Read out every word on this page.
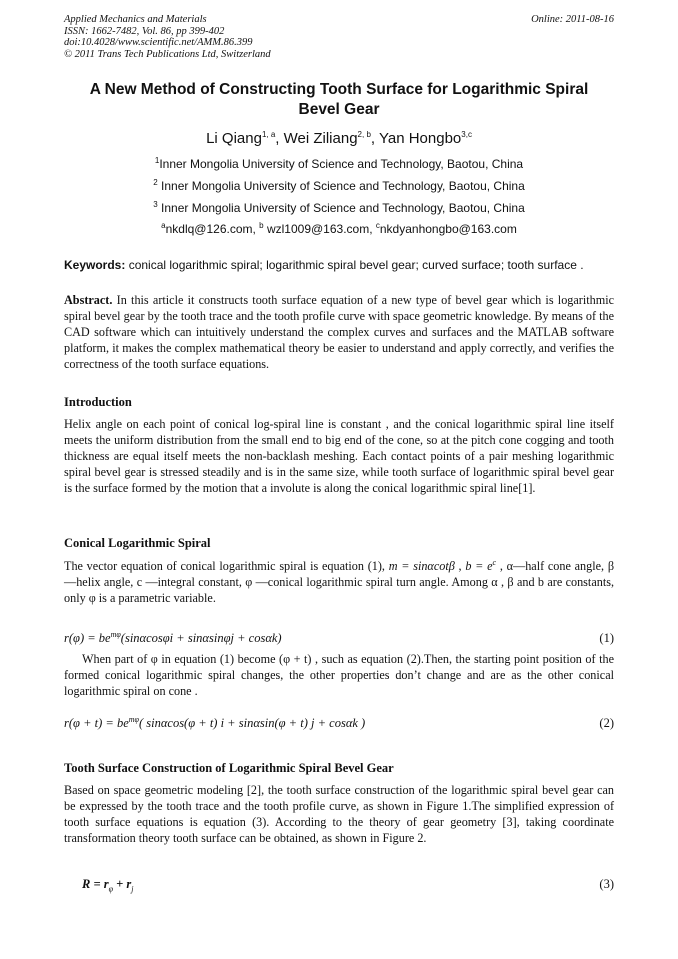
Applied Mechanics and Materials
ISSN: 1662-7482, Vol. 86, pp 399-402
doi:10.4028/www.scientific.net/AMM.86.399
© 2011 Trans Tech Publications Ltd, Switzerland
Online: 2011-08-16
A New Method of Constructing Tooth Surface for Logarithmic Spiral Bevel Gear
Li Qiang$^{1, a}$, Wei Ziliang$^{2, b}$, Yan Hongbo$^{3,c}$
$^1$Inner Mongolia University of Science and Technology, Baotou, China
$^2$ Inner Mongolia University of Science and Technology, Baotou, China
$^3$ Inner Mongolia University of Science and Technology, Baotou, China
$^a$nkdlq@126.com, $^b$ wzl1009@163.com, $^c$nkdyanhongbo@163.com
Keywords: conical logarithmic spiral; logarithmic spiral bevel gear; curved surface; tooth surface .
Abstract. In this article it constructs tooth surface equation of a new type of bevel gear which is logarithmic spiral bevel gear by the tooth trace and the tooth profile curve with space geometric knowledge. By means of the CAD software which can intuitively understand the complex curves and surfaces and the MATLAB software platform, it makes the complex mathematical theory be easier to understand and apply correctly, and verifies the correctness of the tooth surface equations.
Introduction
Helix angle on each point of conical log-spiral line is constant , and the conical logarithmic spiral line itself meets the uniform distribution from the small end to big end of the cone, so at the pitch cone cogging and tooth thickness are equal itself meets the non-backlash meshing. Each contact points of a pair meshing logarithmic spiral bevel gear is stressed steadily and is in the same size, while tooth surface of logarithmic spiral bevel gear is the surface formed by the motion that a involute is along the conical logarithmic spiral line[1].
Conical Logarithmic Spiral
The vector equation of conical logarithmic spiral is equation (1), m = sinαcotβ , $b = e^c$ , α—half cone angle, β —helix angle, c —integral constant, φ —conical logarithmic spiral turn angle. Among α , β and b are constants, only φ is a parametric variable.
$r(\varphi) = be^{m\varphi}(\sin\alpha\cos\varphi i + \sin\alpha\sin\varphi j + \cos\alpha k)$	(1)
When part of φ in equation (1) become (φ + t) , such as equation (2).Then, the starting point position of the formed conical logarithmic spiral changes, the other properties don’t change and are as the other conical logarithmic spiral on cone .
$r(\varphi + t) = be^{m\varphi}$( sinαcos(φ + t) i + sinαsin(φ + t) j + cosαk )	(2)
Tooth Surface Construction of Logarithmic Spiral Bevel Gear
Based on space geometric modeling [2], the tooth surface construction of the logarithmic spiral bevel gear can be expressed by the tooth trace and the tooth profile curve, as shown in Figure 1.The simplified expression of tooth surface equations is equation (3). According to the theory of gear geometry [3], taking coordinate transformation theory tooth surface can be obtained, as shown in Figure 2.
$R = r_\varphi + r_j$	(3)
